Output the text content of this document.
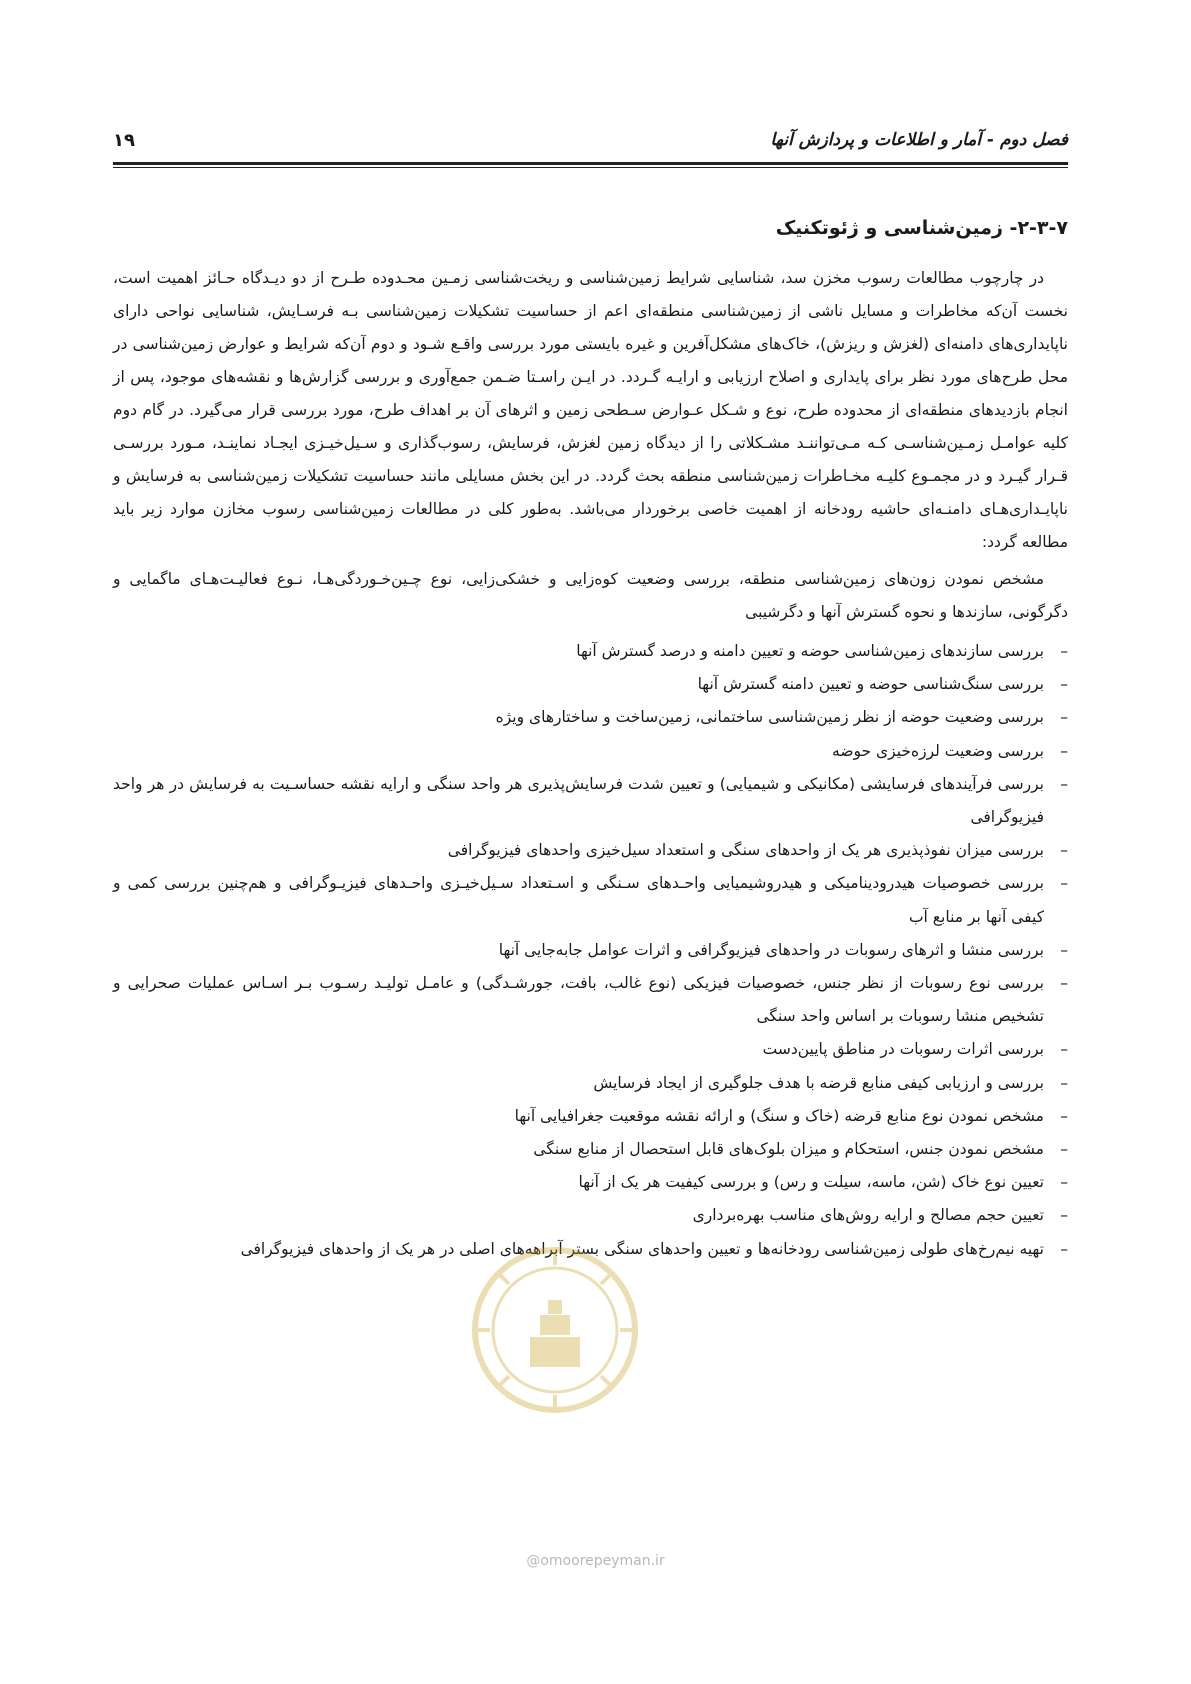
فصل دوم - آمار و اطلاعات و پردازش آنها
۱۹
۲-۳-۷- زمین‌شناسی و ژئوتکنیک

در چارچوب مطالعات رسوب مخزن سد، شناسایی شرایط زمین‌شناسی و ریخت‌شناسی زمـین محـدوده طـرح از دو دیـدگاه حـائز اهمیت است، نخست آن‌که مخاطرات و مسایل ناشی از زمین‌شناسی منطقه‌ای اعم از حساسیت تشکیلات زمین‌شناسی بـه فرسـایش، شناسایی نواحی دارای ناپایداری‌های دامنه‌ای (لغزش و ریزش)، خاک‌های مشکل‌آفرین و غیره بایستی مورد بررسی واقـع شـود و دوم آن‌که شرایط و عوارض زمین‌شناسی در محل طرح‌های مورد نظر برای پایداری و اصلاح ارزیابی و ارایـه گـردد. در ایـن راسـتا ضـمن جمع‌آوری و بررسی گزارش‌ها و نقشه‌های موجود، پس از انجام بازدیدهای منطقه‌ای از محدوده طرح، نوع و شـکل عـوارض سـطحی زمین و اثرهای آن بر اهداف طرح، مورد بررسی قرار می‌گیرد. در گام دوم کلیه عوامـل زمـین‌شناسـی کـه مـی‌تواننـد مشـکلاتی را از دیدگاه زمین لغزش، فرسایش، رسوب‌گذاری و سـیل‌خیـزی ایجـاد نماینـد، مـورد بررسـی قـرار گیـرد و در مجمـوع کلیـه مخـاطرات زمین‌شناسی منطقه بحث گردد. در این بخش مسایلی مانند حساسیت تشکیلات زمین‌شناسی به فرسایش و ناپایـداری‌هـای دامنـه‌ای حاشیه رودخانه از اهمیت خاصی برخوردار می‌باشد. به‌طور کلی در مطالعات زمین‌شناسی رسوب مخازن موارد زیر باید مطالعه گردد:

مشخص نمودن زون‌های زمین‌شناسی منطقه، بررسی وضعیت کوه‌زایی و خشکی‌زایی، نوع چـین‌خـوردگی‌هـا، نـوع فعالیـت‌هـای ماگمایی و دگرگونی، سازندها و نحوه گسترش آنها و دگرشیبی

–
بررسی سازندهای زمین‌شناسی حوضه و تعیین دامنه و درصد گسترش آنها
–
بررسی سنگ‌شناسی حوضه و تعیین دامنه گسترش آنها
–
بررسی وضعیت حوضه از نظر زمین‌شناسی ساختمانی، زمین‌ساخت و ساختارهای ویژه
–
بررسی وضعیت لرزه‌خیزی حوضه
–
بررسی فرآیندهای فرسایشی (مکانیکی و شیمیایی) و تعیین شدت فرسایش‌پذیری هر واحد سنگی و ارایه نقشه حساسـیت به فرسایش در هر واحد فیزیوگرافی
–
بررسی میزان نفوذپذیری هر یک از واحدهای سنگی و استعداد سیل‌خیزی واحدهای فیزیوگرافی
–
بررسی خصوصیات هیدرودینامیکی و هیدروشیمیایی واحـدهای سـنگی و اسـتعداد سـیل‌خیـزی واحـدهای فیزیـوگرافی و هم‌چنین بررسی کمی و کیفی آنها بر منابع آب
–
بررسی منشا و اثرهای رسوبات در واحدهای فیزیوگرافی و اثرات عوامل جابه‌جایی آنها
–
بررسی نوع رسوبات از نظر جنس، خصوصیات فیزیکی (نوع غالب، بافت، جورشـدگی) و عامـل تولیـد رسـوب بـر اسـاس عملیات صحرایی و تشخیص منشا رسوبات بر اساس واحد سنگی
–
بررسی اثرات رسوبات در مناطق پایین‌دست
–
بررسی و ارزیابی کیفی منابع قرضه با هدف جلوگیری از ایجاد فرسایش
–
مشخص نمودن نوع منابع قرضه (خاک و سنگ) و ارائه نقشه موقعیت جغرافیایی آنها
–
مشخص نمودن جنس، استحکام و میزان بلوک‌های قابل استحصال از منابع سنگی
–
تعیین نوع خاک (شن، ماسه، سیلت و رس) و بررسی کیفیت هر یک از آنها
–
تعیین حجم مصالح و ارایه روش‌های مناسب بهره‌برداری
–
تهیه نیم‌رخ‌های طولی زمین‌شناسی رودخانه‌ها و تعیین واحدهای سنگی بستر آبراهه‌های اصلی در هر یک از واحدهای فیزیوگرافی
@omoorepeyman.ir
